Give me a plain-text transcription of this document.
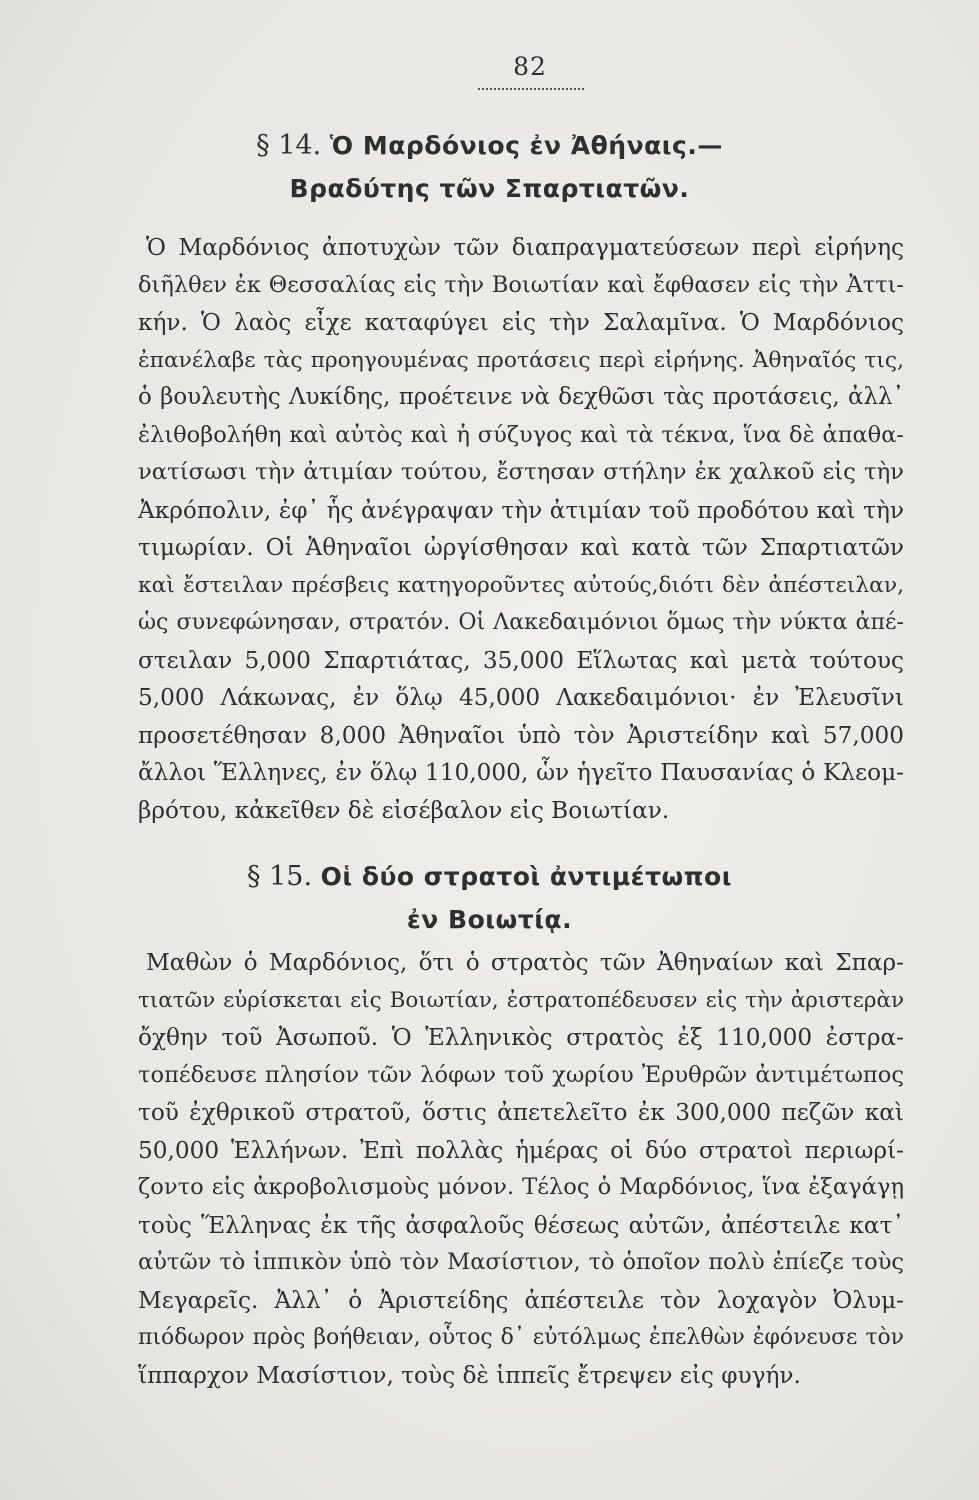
82
§ 14. Ὁ Μαρδόνιος ἐν Ἀθήναις.—
Βραδύτης τῶν Σπαρτιατῶν.
Ὁ Μαρδόνιος ἀποτυχὼν τῶν διαπραγματεύσεων περὶ εἰρήνης
διῆλθεν ἐκ Θεσσαλίας εἰς τὴν Βοιωτίαν καὶ ἔφθασεν εἰς τὴν Ἀττι-
κήν. Ὁ λαὸς εἶχε καταφύγει εἰς τὴν Σαλαμῖνα. Ὁ Μαρδόνιος
ἐπανέλαβε τὰς προηγουμένας προτάσεις περὶ εἰρήνης. Ἀθηναῖός τις,
ὁ βουλευτὴς Λυκίδης, προέτεινε νὰ δεχθῶσι τὰς προτάσεις, ἀλλ᾽
ἐλιθοβολήθη καὶ αὐτὸς καὶ ἡ σύζυγος καὶ τὰ τέκνα, ἵνα δὲ ἀπαθα-
νατίσωσι τὴν ἀτιμίαν τούτου, ἔστησαν στήλην ἐκ χαλκοῦ εἰς τὴν
Ἀκρόπολιν, ἐφ᾽ ἧς ἀνέγραψαν τὴν ἀτιμίαν τοῦ προδότου καὶ τὴν
τιμωρίαν. Οἱ Ἀθηναῖοι ὠργίσθησαν καὶ κατὰ τῶν Σπαρτιατῶν
καὶ ἔστειλαν πρέσβεις κατηγοροῦντες αὐτούς,διότι δὲν ἀπέστειλαν,
ὡς συνεφώνησαν, στρατόν. Οἱ Λακεδαιμόνιοι ὅμως τὴν νύκτα ἀπέ-
στειλαν 5,000 Σπαρτιάτας, 35,000 Εἵλωτας καὶ μετὰ τούτους
5,000 Λάκωνας, ἐν ὅλῳ 45,000 Λακεδαιμόνιοι· ἐν Ἐλευσῖνι
προσετέθησαν 8,000 Ἀθηναῖοι ὑπὸ τὸν Ἀριστείδην καὶ 57,000
ἄλλοι Ἕλληνες, ἐν ὅλῳ 110,000, ὧν ἡγεῖτο Παυσανίας ὁ Κλεομ-
βρότου, κἀκεῖθεν δὲ εἰσέβαλον εἰς Βοιωτίαν.
§ 15. Οἱ δύο στρατοὶ ἀντιμέτωποι
ἐν Βοιωτίᾳ.
Μαθὼν ὁ Μαρδόνιος, ὅτι ὁ στρατὸς τῶν Ἀθηναίων καὶ Σπαρ-
τιατῶν εὑρίσκεται εἰς Βοιωτίαν, ἐστρατοπέδευσεν εἰς τὴν ἀριστερὰν
ὄχθην τοῦ Ἀσωποῦ. Ὁ Ἑλληνικὸς στρατὸς ἐξ 110,000 ἐστρα-
τοπέδευσε πλησίον τῶν λόφων τοῦ χωρίου Ἐρυθρῶν ἀντιμέτωπος
τοῦ ἐχθρικοῦ στρατοῦ, ὅστις ἀπετελεῖτο ἐκ 300,000 πεζῶν καὶ
50,000 Ἑλλήνων. Ἐπὶ πολλὰς ἡμέρας οἱ δύο στρατοὶ περιωρί-
ζοντο εἰς ἀκροβολισμοὺς μόνον. Τέλος ὁ Μαρδόνιος, ἵνα ἐξαγάγῃ
τοὺς Ἕλληνας ἐκ τῆς ἀσφαλοῦς θέσεως αὐτῶν, ἀπέστειλε κατ᾽
αὐτῶν τὸ ἱππικὸν ὑπὸ τὸν Μασίστιον, τὸ ὁποῖον πολὺ ἐπίεζε τοὺς
Μεγαρεῖς. Ἀλλ᾽ ὁ Ἀριστείδης ἀπέστειλε τὸν λοχαγὸν Ὀλυμ-
πιόδωρον πρὸς βοήθειαν, οὗτος δ᾽ εὐτόλμως ἐπελθὼν ἐφόνευσε τὸν
ἵππαρχον Μασίστιον, τοὺς δὲ ἱππεῖς ἔτρεψεν εἰς φυγήν.
